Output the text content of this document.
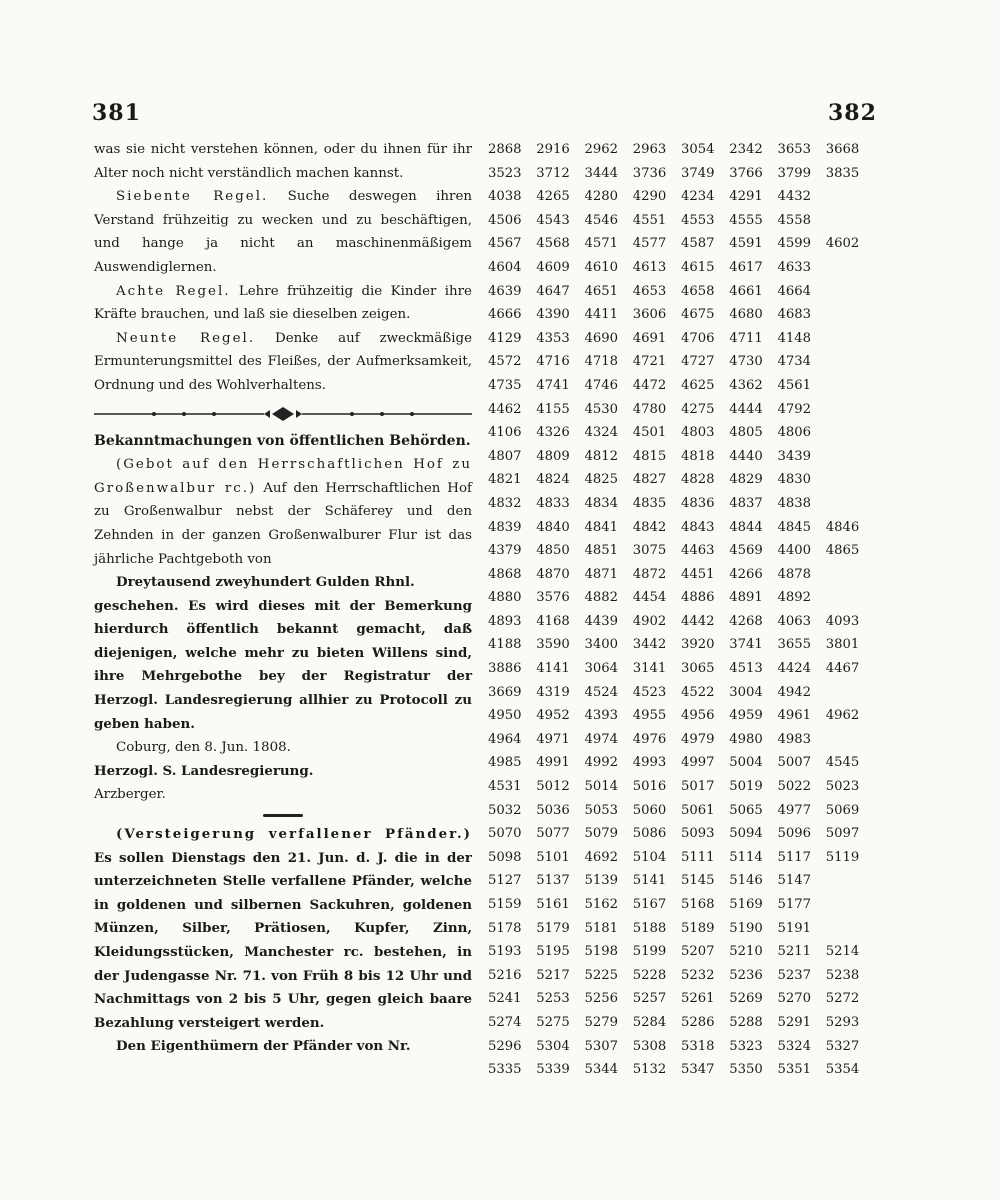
381	382

was sie nicht verstehen können, oder du ihnen für ihr Alter noch nicht verständlich machen kannst.

Siebente Regel. Suche deswegen ihren Verstand frühzeitig zu wecken und zu beschäftigen, und hange ja nicht an maschinenmäßigem Auswendiglernen.

Achte Regel. Lehre frühzeitig die Kinder ihre Kräfte brauchen, und laß sie dieselben zeigen.

Neunte Regel. Denke auf zweckmäßige Ermunterungsmittel des Fleißes, der Aufmerksamkeit, Ordnung und des Wohlverhaltens.

Bekanntmachungen von öffentlichen Behörden.

(Gebot auf den Herrschaftlichen Hof zu Großenwalbur rc.) Auf den Herrschaftlichen Hof zu Großenwalbur nebst der Schäferey und den Zehnden in der ganzen Großenwalburer Flur ist das jährliche Pachtgeboth von

Dreytausend zweyhundert Gulden Rhnl.

geschehen. Es wird dieses mit der Bemerkung hierdurch öffentlich bekannt gemacht, daß diejenigen, welche mehr zu bieten Willens sind, ihre Mehrgebothe bey der Registratur der Herzogl. Landesregierung allhier zu Protocoll zu geben haben.

Coburg, den 8. Jun. 1808.

Herzogl. S. Landesregierung.

Arzberger.

(Versteigerung verfallener Pfänder.) Es sollen Dienstags den 21. Jun. d. J. die in der unterzeichneten Stelle verfallene Pfänder, welche in goldenen und silbernen Sackuhren, goldenen Münzen, Silber, Prätiosen, Kupfer, Zinn, Kleidungsstücken, Manchester rc. bestehen, in der Judengasse Nr. 71. von Früh 8 bis 12 Uhr und Nachmittags von 2 bis 5 Uhr, gegen gleich baare Bezahlung versteigert werden.

Den Eigenthümern der Pfänder von Nr.

2868	2916	2962	2963	3054	2342	3653	3668
3523	3712	3444	3736	3749	3766	3799	3835
4038	4265	4280	4290	4234	4291	4432
4506	4543	4546	4551	4553	4555	4558
4567	4568	4571	4577	4587	4591	4599	4602
4604	4609	4610	4613	4615	4617	4633
4639	4647	4651	4653	4658	4661	4664
4666	4390	4411	3606	4675	4680	4683
4129	4353	4690	4691	4706	4711	4148
4572	4716	4718	4721	4727	4730	4734
4735	4741	4746	4472	4625	4362	4561
4462	4155	4530	4780	4275	4444	4792
4106	4326	4324	4501	4803	4805	4806
4807	4809	4812	4815	4818	4440	3439
4821	4824	4825	4827	4828	4829	4830
4832	4833	4834	4835	4836	4837	4838
4839	4840	4841	4842	4843	4844	4845	4846
4379	4850	4851	3075	4463	4569	4400	4865
4868	4870	4871	4872	4451	4266	4878
4880	3576	4882	4454	4886	4891	4892
4893	4168	4439	4902	4442	4268	4063	4093
4188	3590	3400	3442	3920	3741	3655	3801
3886	4141	3064	3141	3065	4513	4424	4467
3669	4319	4524	4523	4522	3004	4942
4950	4952	4393	4955	4956	4959	4961	4962
4964	4971	4974	4976	4979	4980	4983
4985	4991	4992	4993	4997	5004	5007	4545
4531	5012	5014	5016	5017	5019	5022	5023
5032	5036	5053	5060	5061	5065	4977	5069
5070	5077	5079	5086	5093	5094	5096	5097
5098	5101	4692	5104	5111	5114	5117	5119
5127	5137	5139	5141	5145	5146	5147
5159	5161	5162	5167	5168	5169	5177
5178	5179	5181	5188	5189	5190	5191
5193	5195	5198	5199	5207	5210	5211	5214
5216	5217	5225	5228	5232	5236	5237	5238
5241	5253	5256	5257	5261	5269	5270	5272
5274	5275	5279	5284	5286	5288	5291	5293
5296	5304	5307	5308	5318	5323	5324	5327
5335	5339	5344	5132	5347	5350	5351	5354
